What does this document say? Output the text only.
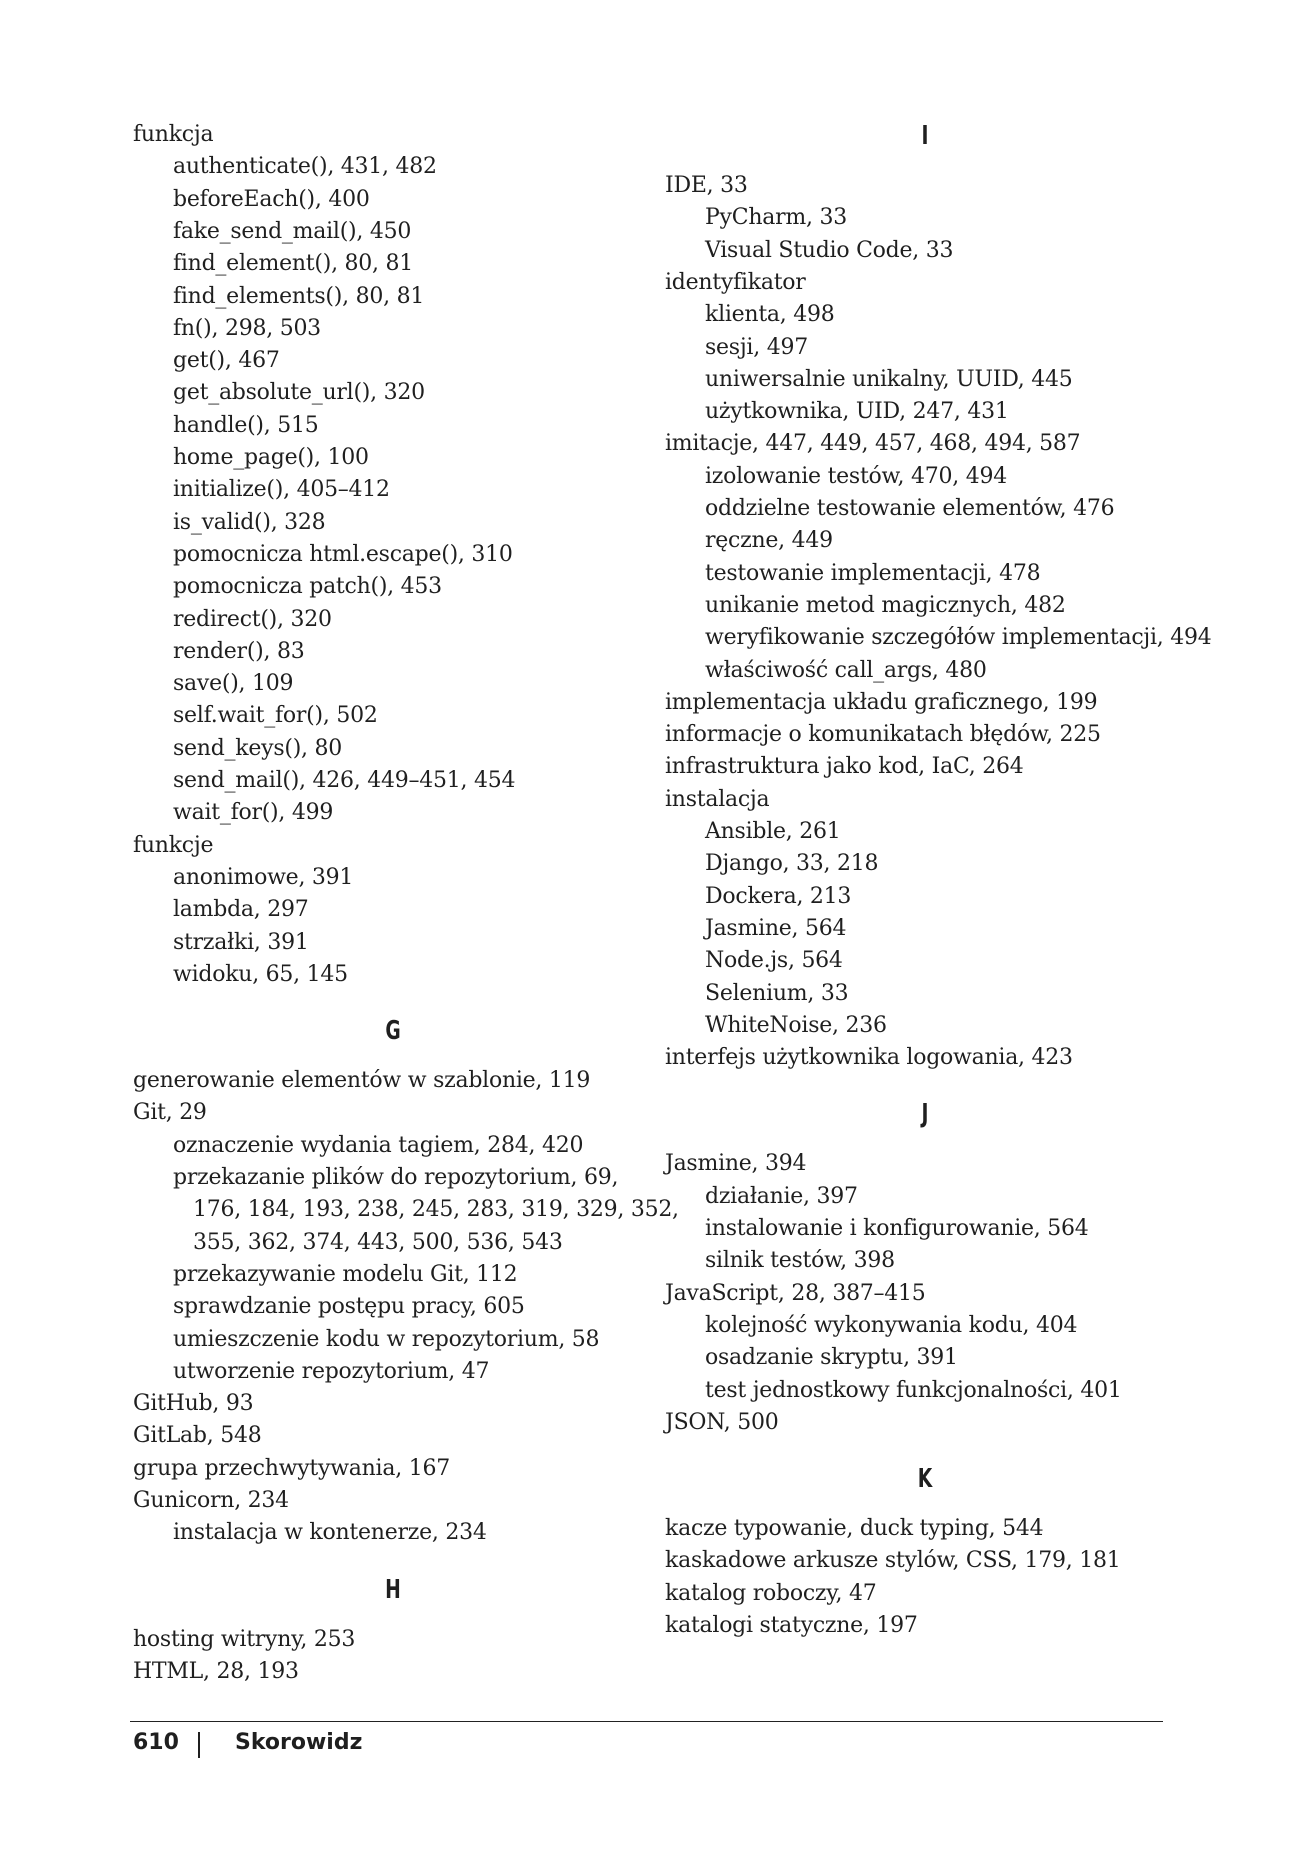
funkcja
authenticate(), 431, 482
beforeEach(), 400
fake_send_mail(), 450
find_element(), 80, 81
find_elements(), 80, 81
fn(), 298, 503
get(), 467
get_absolute_url(), 320
handle(), 515
home_page(), 100
initialize(), 405–412
is_valid(), 328
pomocnicza html.escape(), 310
pomocnicza patch(), 453
redirect(), 320
render(), 83
save(), 109
self.wait_for(), 502
send_keys(), 80
send_mail(), 426, 449–451, 454
wait_for(), 499
funkcje
anonimowe, 391
lambda, 297
strzałki, 391
widoku, 65, 145
G
generowanie elementów w szablonie, 119
Git, 29
oznaczenie wydania tagiem, 284, 420
przekazanie plików do repozytorium, 69,
176, 184, 193, 238, 245, 283, 319, 329, 352,
355, 362, 374, 443, 500, 536, 543
przekazywanie modelu Git, 112
sprawdzanie postępu pracy, 605
umieszczenie kodu w repozytorium, 58
utworzenie repozytorium, 47
GitHub, 93
GitLab, 548
grupa przechwytywania, 167
Gunicorn, 234
instalacja w kontenerze, 234
H
hosting witryny, 253
HTML, 28, 193
I
IDE, 33
PyCharm, 33
Visual Studio Code, 33
identyfikator
klienta, 498
sesji, 497
uniwersalnie unikalny, UUID, 445
użytkownika, UID, 247, 431
imitacje, 447, 449, 457, 468, 494, 587
izolowanie testów, 470, 494
oddzielne testowanie elementów, 476
ręczne, 449
testowanie implementacji, 478
unikanie metod magicznych, 482
weryfikowanie szczegółów implementacji, 494
właściwość call_args, 480
implementacja układu graficznego, 199
informacje o komunikatach błędów, 225
infrastruktura jako kod, IaC, 264
instalacja
Ansible, 261
Django, 33, 218
Dockera, 213
Jasmine, 564
Node.js, 564
Selenium, 33
WhiteNoise, 236
interfejs użytkownika logowania, 423
J
Jasmine, 394
działanie, 397
instalowanie i konfigurowanie, 564
silnik testów, 398
JavaScript, 28, 387–415
kolejność wykonywania kodu, 404
osadzanie skryptu, 391
test jednostkowy funkcjonalności, 401
JSON, 500
K
kacze typowanie, duck typing, 544
kaskadowe arkusze stylów, CSS, 179, 181
katalog roboczy, 47
katalogi statyczne, 197
610	Skorowidz
